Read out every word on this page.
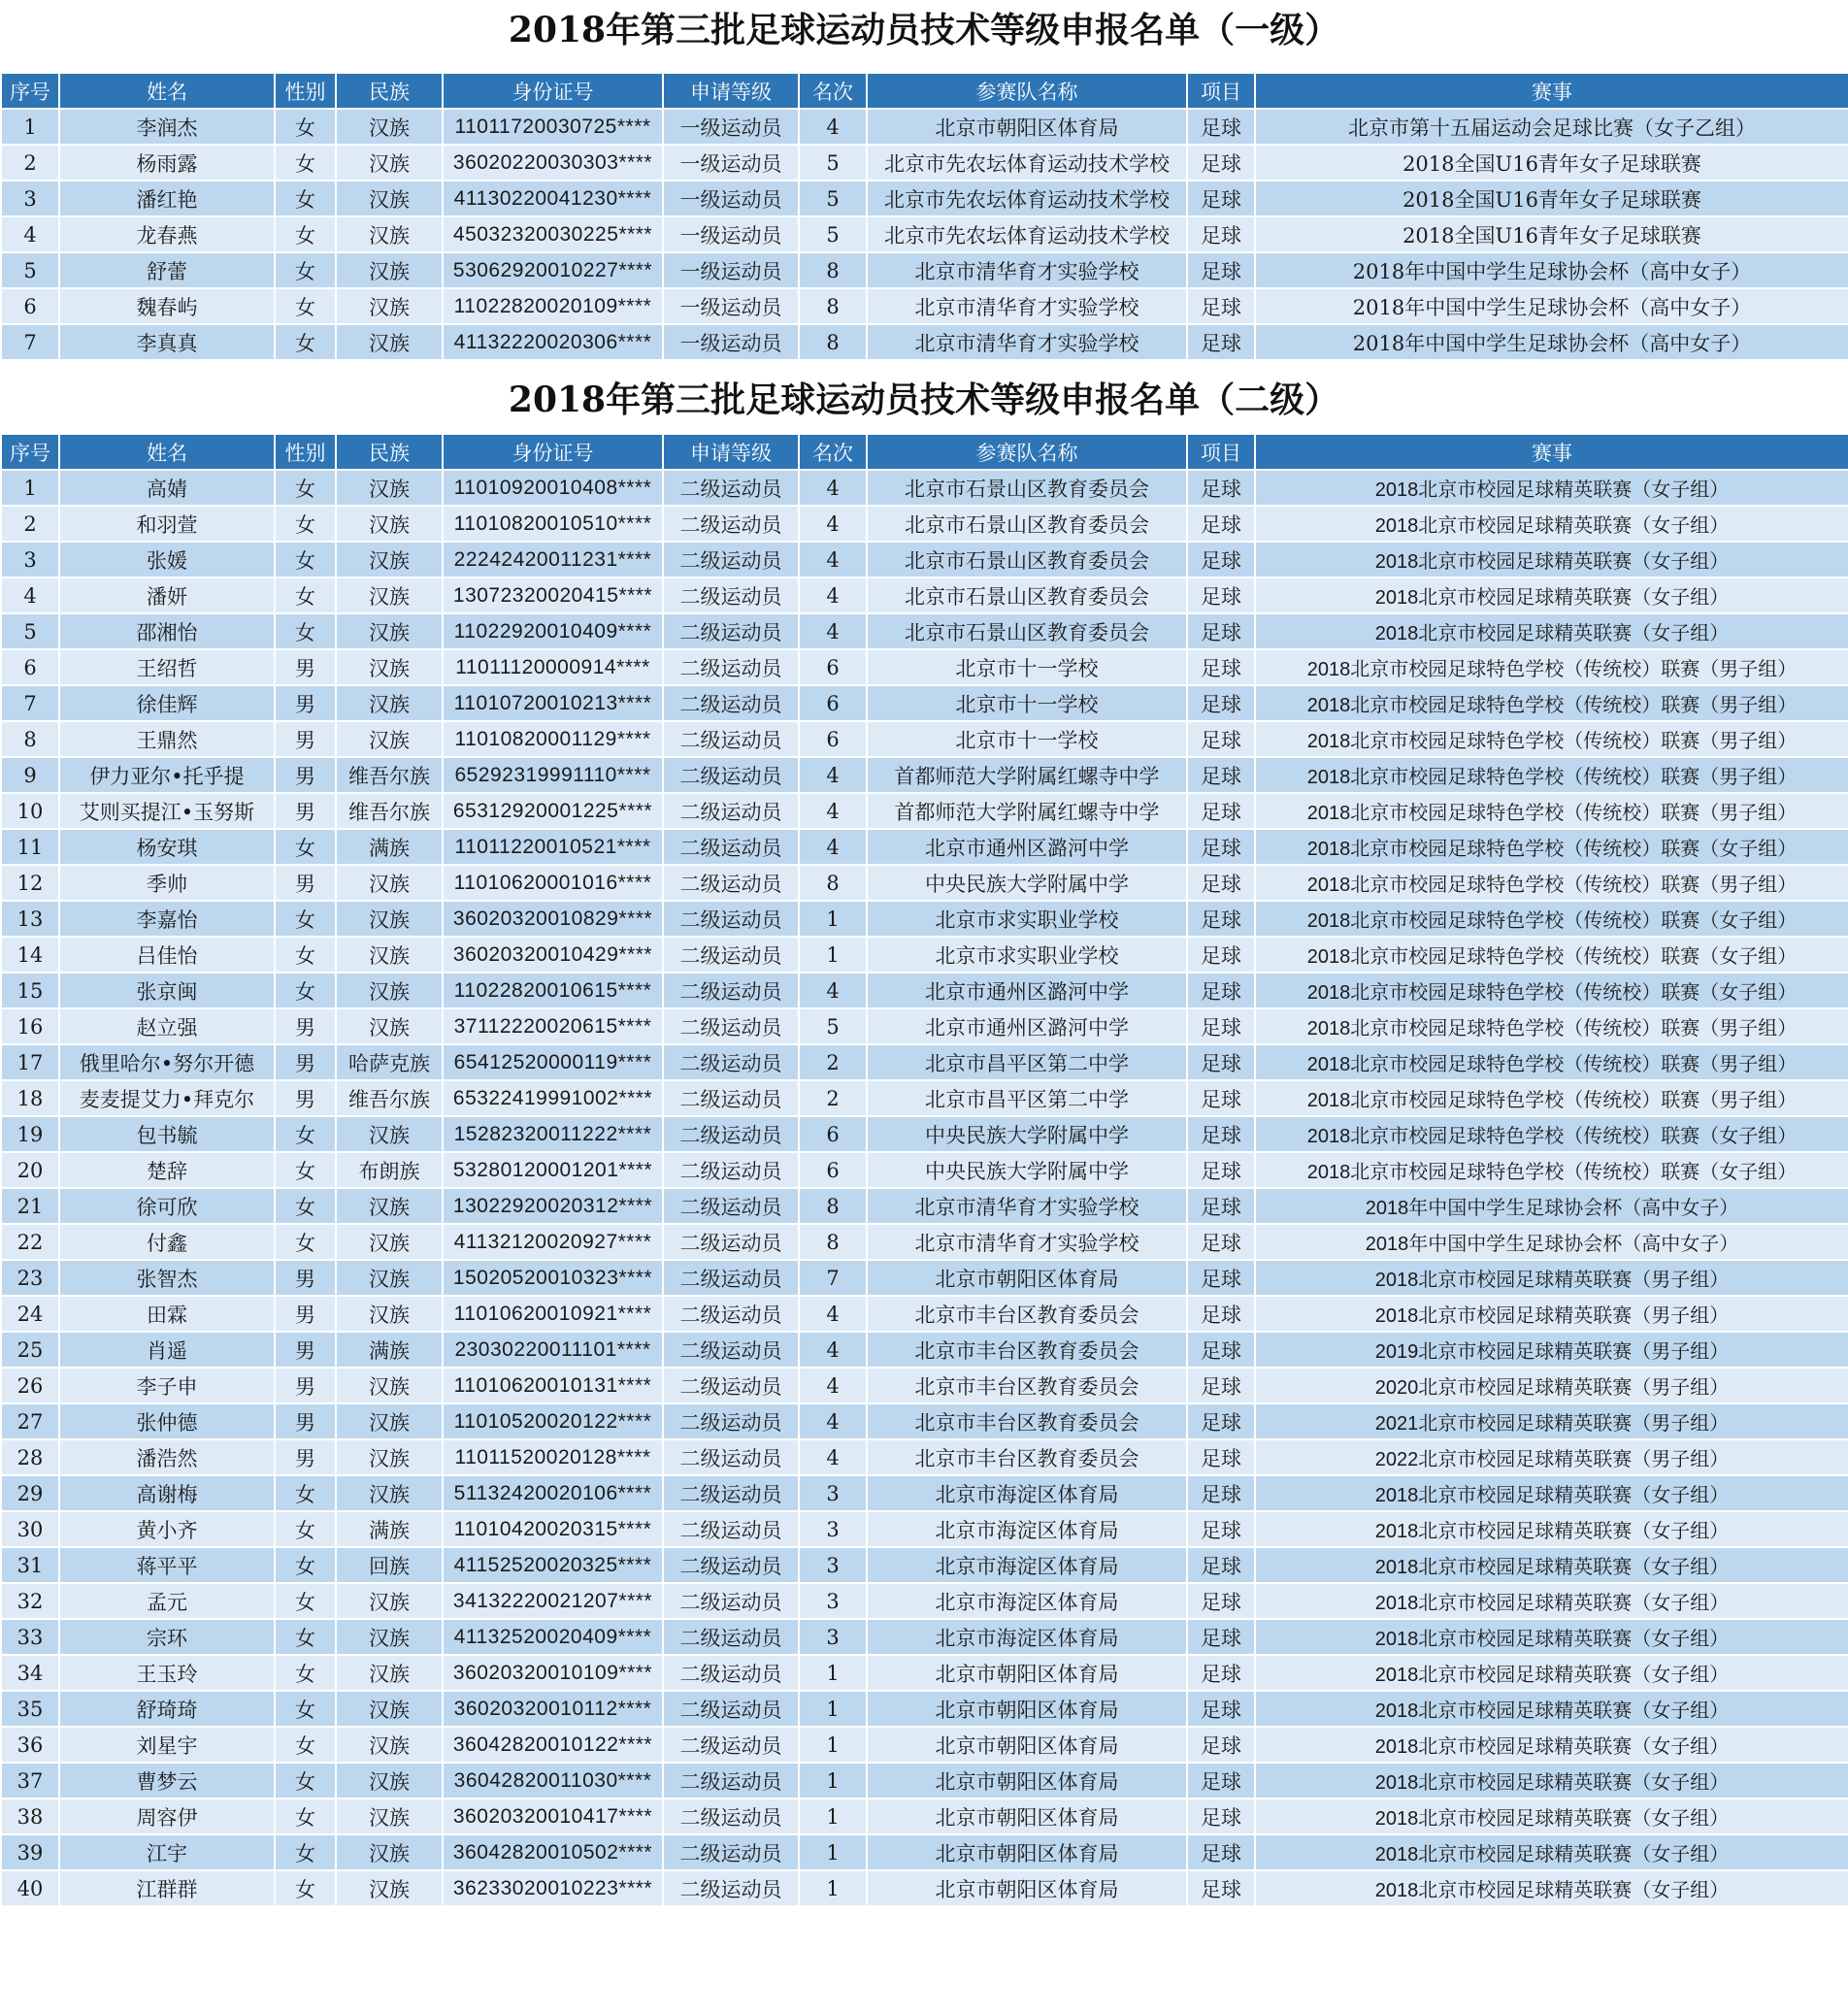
2018年第三批足球运动员技术等级申报名单（一级）
序号	姓名	性别	民族	身份证号	申请等级	名次	参赛队名称	项目	赛事
1	李润杰	女	汉族	11011720030725****	一级运动员	4	北京市朝阳区体育局	足球	北京市第十五届运动会足球比赛（女子乙组）
2	杨雨露	女	汉族	36020220030303****	一级运动员	5	北京市先农坛体育运动技术学校	足球	2018全国U16青年女子足球联赛
3	潘红艳	女	汉族	41130220041230****	一级运动员	5	北京市先农坛体育运动技术学校	足球	2018全国U16青年女子足球联赛
4	龙春燕	女	汉族	45032320030225****	一级运动员	5	北京市先农坛体育运动技术学校	足球	2018全国U16青年女子足球联赛
5	舒蕾	女	汉族	53062920010227****	一级运动员	8	北京市清华育才实验学校	足球	2018年中国中学生足球协会杯（高中女子）
6	魏春屿	女	汉族	11022820020109****	一级运动员	8	北京市清华育才实验学校	足球	2018年中国中学生足球协会杯（高中女子）
7	李真真	女	汉族	41132220020306****	一级运动员	8	北京市清华育才实验学校	足球	2018年中国中学生足球协会杯（高中女子）
2018年第三批足球运动员技术等级申报名单（二级）
序号	姓名	性别	民族	身份证号	申请等级	名次	参赛队名称	项目	赛事
1	高婧	女	汉族	11010920010408****	二级运动员	4	北京市石景山区教育委员会	足球	2018北京市校园足球精英联赛（女子组）
2	和羽萱	女	汉族	11010820010510****	二级运动员	4	北京市石景山区教育委员会	足球	2018北京市校园足球精英联赛（女子组）
3	张媛	女	汉族	22242420011231****	二级运动员	4	北京市石景山区教育委员会	足球	2018北京市校园足球精英联赛（女子组）
4	潘妍	女	汉族	13072320020415****	二级运动员	4	北京市石景山区教育委员会	足球	2018北京市校园足球精英联赛（女子组）
5	邵湘怡	女	汉族	11022920010409****	二级运动员	4	北京市石景山区教育委员会	足球	2018北京市校园足球精英联赛（女子组）
6	王绍哲	男	汉族	11011120000914****	二级运动员	6	北京市十一学校	足球	2018北京市校园足球特色学校（传统校）联赛（男子组）
7	徐佳辉	男	汉族	11010720010213****	二级运动员	6	北京市十一学校	足球	2018北京市校园足球特色学校（传统校）联赛（男子组）
8	王鼎然	男	汉族	11010820001129****	二级运动员	6	北京市十一学校	足球	2018北京市校园足球特色学校（传统校）联赛（男子组）
9	伊力亚尔•托乎提	男	维吾尔族	65292319991110****	二级运动员	4	首都师范大学附属红螺寺中学	足球	2018北京市校园足球特色学校（传统校）联赛（男子组）
10	艾则买提江•玉努斯	男	维吾尔族	65312920001225****	二级运动员	4	首都师范大学附属红螺寺中学	足球	2018北京市校园足球特色学校（传统校）联赛（男子组）
11	杨安琪	女	满族	11011220010521****	二级运动员	4	北京市通州区潞河中学	足球	2018北京市校园足球特色学校（传统校）联赛（女子组）
12	季帅	男	汉族	11010620001016****	二级运动员	8	中央民族大学附属中学	足球	2018北京市校园足球特色学校（传统校）联赛（男子组）
13	李嘉怡	女	汉族	36020320010829****	二级运动员	1	北京市求实职业学校	足球	2018北京市校园足球特色学校（传统校）联赛（女子组）
14	吕佳怡	女	汉族	36020320010429****	二级运动员	1	北京市求实职业学校	足球	2018北京市校园足球特色学校（传统校）联赛（女子组）
15	张京闽	女	汉族	11022820010615****	二级运动员	4	北京市通州区潞河中学	足球	2018北京市校园足球特色学校（传统校）联赛（女子组）
16	赵立强	男	汉族	37112220020615****	二级运动员	5	北京市通州区潞河中学	足球	2018北京市校园足球特色学校（传统校）联赛（男子组）
17	俄里哈尔•努尔开德	男	哈萨克族	65412520000119****	二级运动员	2	北京市昌平区第二中学	足球	2018北京市校园足球特色学校（传统校）联赛（男子组）
18	麦麦提艾力•拜克尔	男	维吾尔族	65322419991002****	二级运动员	2	北京市昌平区第二中学	足球	2018北京市校园足球特色学校（传统校）联赛（男子组）
19	包书毓	女	汉族	15282320011222****	二级运动员	6	中央民族大学附属中学	足球	2018北京市校园足球特色学校（传统校）联赛（女子组）
20	楚辞	女	布朗族	53280120001201****	二级运动员	6	中央民族大学附属中学	足球	2018北京市校园足球特色学校（传统校）联赛（女子组）
21	徐可欣	女	汉族	13022920020312****	二级运动员	8	北京市清华育才实验学校	足球	2018年中国中学生足球协会杯（高中女子）
22	付鑫	女	汉族	41132120020927****	二级运动员	8	北京市清华育才实验学校	足球	2018年中国中学生足球协会杯（高中女子）
23	张智杰	男	汉族	15020520010323****	二级运动员	7	北京市朝阳区体育局	足球	2018北京市校园足球精英联赛（男子组）
24	田霖	男	汉族	11010620010921****	二级运动员	4	北京市丰台区教育委员会	足球	2018北京市校园足球精英联赛（男子组）
25	肖遥	男	满族	23030220011101****	二级运动员	4	北京市丰台区教育委员会	足球	2019北京市校园足球精英联赛（男子组）
26	李子申	男	汉族	11010620010131****	二级运动员	4	北京市丰台区教育委员会	足球	2020北京市校园足球精英联赛（男子组）
27	张仲德	男	汉族	11010520020122****	二级运动员	4	北京市丰台区教育委员会	足球	2021北京市校园足球精英联赛（男子组）
28	潘浩然	男	汉族	11011520020128****	二级运动员	4	北京市丰台区教育委员会	足球	2022北京市校园足球精英联赛（男子组）
29	高谢梅	女	汉族	51132420020106****	二级运动员	3	北京市海淀区体育局	足球	2018北京市校园足球精英联赛（女子组）
30	黄小齐	女	满族	11010420020315****	二级运动员	3	北京市海淀区体育局	足球	2018北京市校园足球精英联赛（女子组）
31	蒋平平	女	回族	41152520020325****	二级运动员	3	北京市海淀区体育局	足球	2018北京市校园足球精英联赛（女子组）
32	孟元	女	汉族	34132220021207****	二级运动员	3	北京市海淀区体育局	足球	2018北京市校园足球精英联赛（女子组）
33	宗环	女	汉族	41132520020409****	二级运动员	3	北京市海淀区体育局	足球	2018北京市校园足球精英联赛（女子组）
34	王玉玲	女	汉族	36020320010109****	二级运动员	1	北京市朝阳区体育局	足球	2018北京市校园足球精英联赛（女子组）
35	舒琦琦	女	汉族	36020320010112****	二级运动员	1	北京市朝阳区体育局	足球	2018北京市校园足球精英联赛（女子组）
36	刘星宇	女	汉族	36042820010122****	二级运动员	1	北京市朝阳区体育局	足球	2018北京市校园足球精英联赛（女子组）
37	曹梦云	女	汉族	36042820011030****	二级运动员	1	北京市朝阳区体育局	足球	2018北京市校园足球精英联赛（女子组）
38	周容伊	女	汉族	36020320010417****	二级运动员	1	北京市朝阳区体育局	足球	2018北京市校园足球精英联赛（女子组）
39	江宇	女	汉族	36042820010502****	二级运动员	1	北京市朝阳区体育局	足球	2018北京市校园足球精英联赛（女子组）
40	江群群	女	汉族	36233020010223****	二级运动员	1	北京市朝阳区体育局	足球	2018北京市校园足球精英联赛（女子组）
